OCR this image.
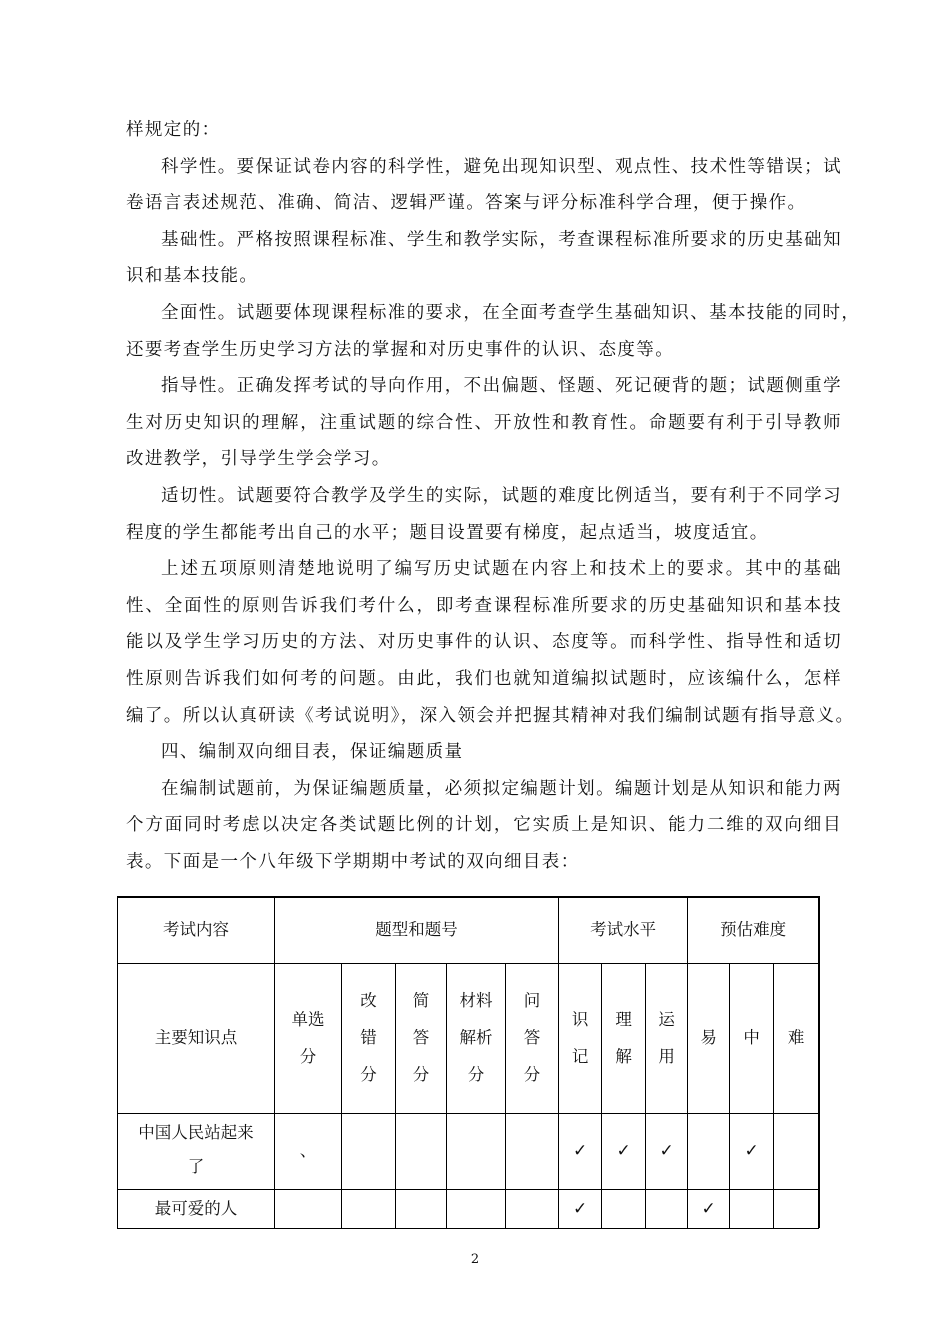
样规定的：
科学性。要保证试卷内容的科学性，避免出现知识型、观点性、技术性等错误；试
卷语言表述规范、准确、简洁、逻辑严谨。答案与评分标准科学合理，便于操作。
基础性。严格按照课程标准、学生和教学实际，考查课程标准所要求的历史基础知
识和基本技能。
全面性。试题要体现课程标准的要求，在全面考查学生基础知识、基本技能的同时，
还要考查学生历史学习方法的掌握和对历史事件的认识、态度等。
指导性。正确发挥考试的导向作用，不出偏题、怪题、死记硬背的题；试题侧重学
生对历史知识的理解，注重试题的综合性、开放性和教育性。命题要有利于引导教师
改进教学，引导学生学会学习。
适切性。试题要符合教学及学生的实际，试题的难度比例适当，要有利于不同学习
程度的学生都能考出自己的水平；题目设置要有梯度，起点适当，坡度适宜。
上述五项原则清楚地说明了编写历史试题在内容上和技术上的要求。其中的基础
性、全面性的原则告诉我们考什么，即考查课程标准所要求的历史基础知识和基本技
能以及学生学习历史的方法、对历史事件的认识、态度等。而科学性、指导性和适切
性原则告诉我们如何考的问题。由此，我们也就知道编拟试题时，应该编什么，怎样
编了。所以认真研读《考试说明》，深入领会并把握其精神对我们编制试题有指导意义。
四、编制双向细目表，保证编题质量
在编制试题前，为保证编题质量，必须拟定编题计划。编题计划是从知识和能力两
个方面同时考虑以决定各类试题比例的计划，它实质上是知识、能力二维的双向细目
表。下面是一个八年级下学期期中考试的双向细目表：
考试内容	题型和题号					考试水平			预估难度		
主要知识点	单选分	改错分	简答分	材料解析分	问答分	识记	理解	运用	易	中	难
中国人民站起来了	、					✓	✓	✓		✓	
最可爱的人						✓			✓		
2
